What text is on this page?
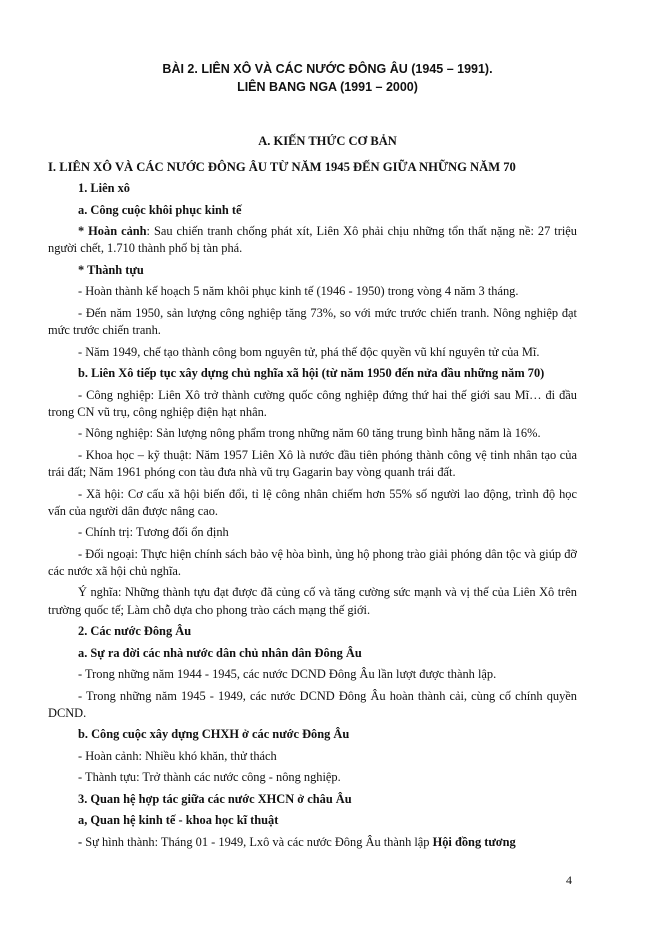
BÀI 2. LIÊN XÔ VÀ CÁC NƯỚC ĐÔNG ÂU (1945 – 1991).
LIÊN BANG NGA (1991 – 2000)
A. KIẾN THỨC CƠ BẢN

I. LIÊN XÔ VÀ CÁC NƯỚC ĐÔNG ÂU TỪ NĂM 1945 ĐẾN GIỮA NHỮNG NĂM 70

1. Liên xô

a. Công cuộc khôi phục kinh tế

* Hoàn cảnh: Sau chiến tranh chống phát xít, Liên Xô phải chịu những tổn thất nặng nề: 27 triệu người chết, 1.710 thành phố bị tàn phá.

* Thành tựu

- Hoàn thành kế hoạch 5 năm khôi phục kinh tế (1946 - 1950) trong vòng 4 năm 3 tháng.

- Đến năm 1950, sản lượng công nghiệp tăng 73%, so với mức trước chiến tranh. Nông nghiệp đạt mức trước chiến tranh.

- Năm 1949, chế tạo thành công bom nguyên tử, phá thế độc quyền vũ khí nguyên tử của Mĩ.

b. Liên Xô tiếp tục xây dựng chủ nghĩa xã hội (từ năm 1950 đến nửa đầu những năm 70)

- Công nghiệp: Liên Xô trở thành cường quốc công nghiệp đứng thứ hai thế giới sau Mĩ… đi đầu trong CN vũ trụ, công nghiệp điện hạt nhân.

- Nông nghiệp: Sản lượng nông phẩm trong những năm 60 tăng trung bình hằng năm là 16%.

- Khoa học – kỹ thuật: Năm 1957 Liên Xô là nước đầu tiên phóng thành công vệ tinh nhân tạo của trái đất; Năm 1961 phóng con tàu đưa nhà vũ trụ Gagarin bay vòng quanh trái đất.

- Xã hội: Cơ cấu xã hội biến đổi, tỉ lệ công nhân chiếm hơn 55% số người lao động, trình độ học vấn của người dân được nâng cao.

- Chính trị: Tương đối ổn định

- Đối ngoại: Thực hiện chính sách bảo vệ hòa bình, ủng hộ phong trào giải phóng dân tộc và giúp đỡ các nước xã hội chủ nghĩa.

Ý nghĩa: Những thành tựu đạt được đã củng cố và tăng cường sức mạnh và vị thế của Liên Xô trên trường quốc tế; Làm chỗ dựa cho phong trào cách mạng thế giới.

2. Các nước Đông Âu

a. Sự ra đời các nhà nước dân chủ nhân dân Đông Âu

- Trong những năm 1944 - 1945, các nước DCND Đông Âu lần lượt được thành lập.

- Trong những năm 1945 - 1949, các nước DCND Đông Âu hoàn thành cải, cùng cố chính quyền DCND.

b. Công cuộc xây dựng CHXH ở các nước Đông Âu

- Hoàn cảnh: Nhiều khó khăn, thử thách

- Thành tựu: Trở thành các nước công - nông nghiệp.

3. Quan hệ hợp tác giữa các nước XHCN ở châu Âu

a, Quan hệ kinh tế - khoa học kĩ thuật

- Sự hình thành: Tháng 01 - 1949, Lxô và các nước Đông Âu thành lập Hội đồng tương

4
